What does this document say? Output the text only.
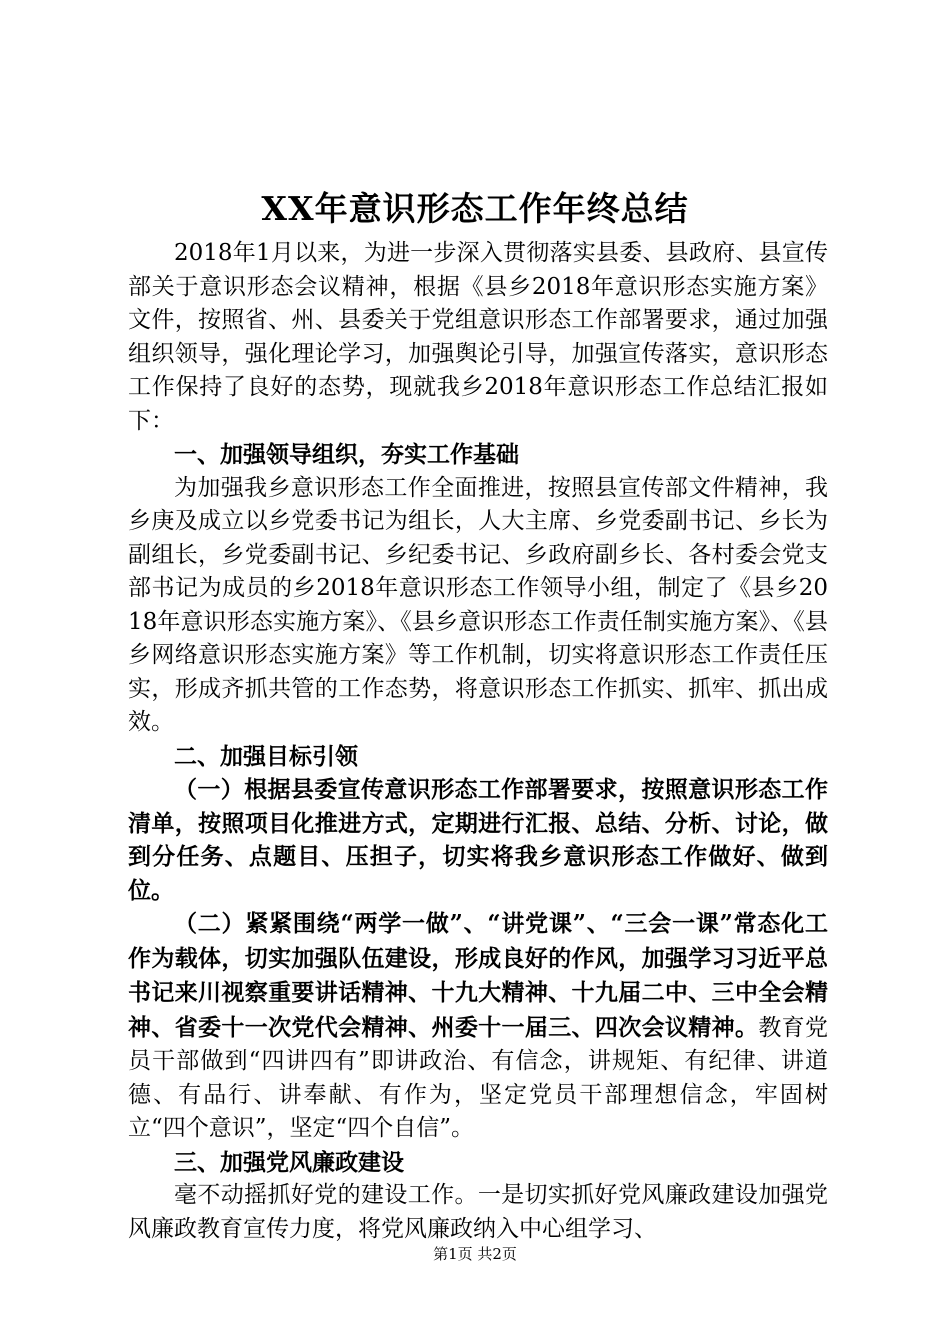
XX年意识形态工作年终总结

2018年1月以来，为进一步深入贯彻落实县委、县政府、县宣传部关于意识形态会议精神，根据《县乡2018年意识形态实施方案》文件，按照省、州、县委关于党组意识形态工作部署要求，通过加强组织领导，强化理论学习，加强舆论引导，加强宣传落实，意识形态工作保持了良好的态势，现就我乡2018年意识形态工作总结汇报如下：

一、加强领导组织，夯实工作基础

为加强我乡意识形态工作全面推进，按照县宣传部文件精神，我乡庚及成立以乡党委书记为组长，人大主席、乡党委副书记、乡长为副组长，乡党委副书记、乡纪委书记、乡政府副乡长、各村委会党支部书记为成员的乡2018年意识形态工作领导小组，制定了《县乡2018年意识形态实施方案》、《县乡意识形态工作责任制实施方案》、《县乡网络意识形态实施方案》等工作机制，切实将意识形态工作责任压实，形成齐抓共管的工作态势，将意识形态工作抓实、抓牢、抓出成效。

二、加强目标引领

（一）根据县委宣传意识形态工作部署要求，按照意识形态工作清单，按照项目化推进方式，定期进行汇报、总结、分析、讨论，做到分任务、点题目、压担子，切实将我乡意识形态工作做好、做到位。

（二）紧紧围绕“两学一做”、“讲党课”、“三会一课”常态化工作为载体，切实加强队伍建设，形成良好的作风，加强学习习近平总书记来川视察重要讲话精神、十九大精神、十九届二中、三中全会精神、省委十一次党代会精神、州委十一届三、四次会议精神。教育党员干部做到“四讲四有”即讲政治、有信念，讲规矩、有纪律、讲道德、有品行、讲奉献、有作为，坚定党员干部理想信念，牢固树立“四个意识”，坚定“四个自信”。

三、加强党风廉政建设

毫不动摇抓好党的建设工作。一是切实抓好党风廉政建设加强党风廉政教育宣传力度，将党风廉政纳入中心组学习、

第1页 共2页
